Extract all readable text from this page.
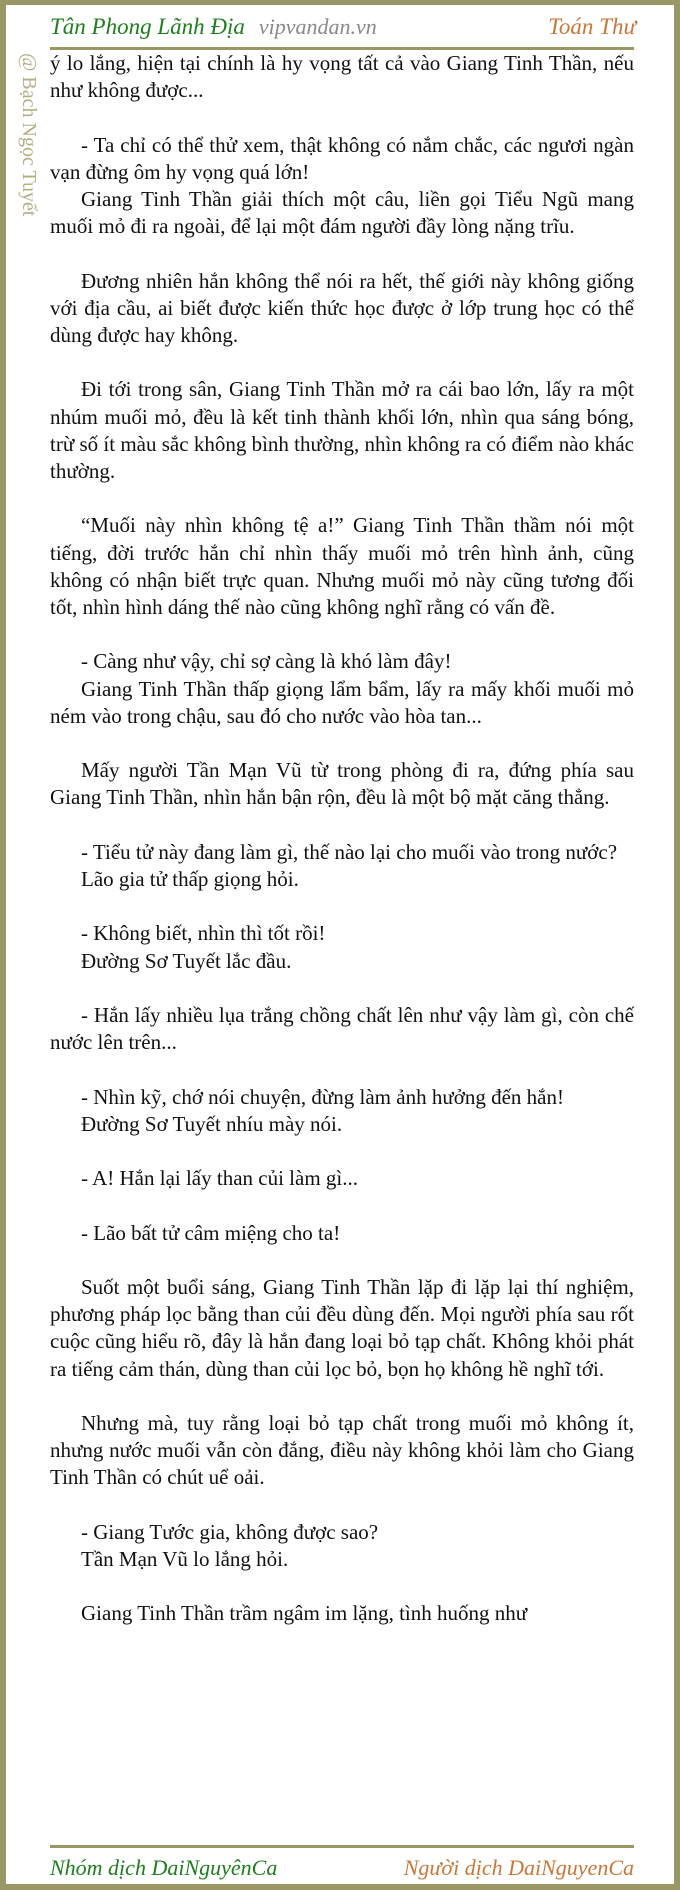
Tân Phong Lãnh Địa vipvandan.vn	Toán Thư
@ Bạch Ngọc Tuyết ý lo lắng, hiện tại chính là hy vọng tất cả vào Giang Tinh Thần, nếu như không được...

- Ta chỉ có thể thử xem, thật không có nắm chắc, các ngươi ngàn vạn đừng ôm hy vọng quá lớn!

Giang Tinh Thần giải thích một câu, liền gọi Tiểu Ngũ mang muối mỏ đi ra ngoài, để lại một đám người đầy lòng nặng trĩu.

Đương nhiên hắn không thể nói ra hết, thế giới này không giống với địa cầu, ai biết được kiến thức học được ở lớp trung học có thể dùng được hay không.

Đi tới trong sân, Giang Tinh Thần mở ra cái bao lớn, lấy ra một nhúm muối mỏ, đều là kết tinh thành khối lớn, nhìn qua sáng bóng, trừ số ít màu sắc không bình thường, nhìn không ra có điểm nào khác thường.

“Muối này nhìn không tệ a!” Giang Tinh Thần thầm nói một tiếng, đời trước hắn chỉ nhìn thấy muối mỏ trên hình ảnh, cũng không có nhận biết trực quan. Nhưng muối mỏ này cũng tương đối tốt, nhìn hình dáng thế nào cũng không nghĩ rằng có vấn đề.

- Càng như vậy, chỉ sợ càng là khó làm đây!

Giang Tinh Thần thấp giọng lẩm bẩm, lấy ra mấy khối muối mỏ ném vào trong chậu, sau đó cho nước vào hòa tan...

Mấy người Tần Mạn Vũ từ trong phòng đi ra, đứng phía sau Giang Tinh Thần, nhìn hắn bận rộn, đều là một bộ mặt căng thẳng.

- Tiểu tử này đang làm gì, thế nào lại cho muối vào trong nước?

Lão gia tử thấp giọng hỏi.

- Không biết, nhìn thì tốt rồi!

Đường Sơ Tuyết lắc đầu.

- Hắn lấy nhiều lụa trắng chồng chất lên như vậy làm gì, còn chế nước lên trên...

- Nhìn kỹ, chớ nói chuyện, đừng làm ảnh hưởng đến hắn!

Đường Sơ Tuyết nhíu mày nói.

- A! Hắn lại lấy than củi làm gì...

- Lão bất tử câm miệng cho ta!

Suốt một buổi sáng, Giang Tinh Thần lặp đi lặp lại thí nghiệm, phương pháp lọc bằng than củi đều dùng đến. Mọi người phía sau rốt cuộc cũng hiểu rõ, đây là hắn đang loại bỏ tạp chất. Không khỏi phát ra tiếng cảm thán, dùng than củi lọc bỏ, bọn họ không hề nghĩ tới.

Nhưng mà, tuy rằng loại bỏ tạp chất trong muối mỏ không ít, nhưng nước muối vẫn còn đắng, điều này không khỏi làm cho Giang Tinh Thần có chút uể oải.

- Giang Tước gia, không được sao?

Tần Mạn Vũ lo lắng hỏi.

Giang Tinh Thần trầm ngâm im lặng, tình huống như

Nhóm dịch DaiNguyênCa	Người dịch DaiNguyenCa
